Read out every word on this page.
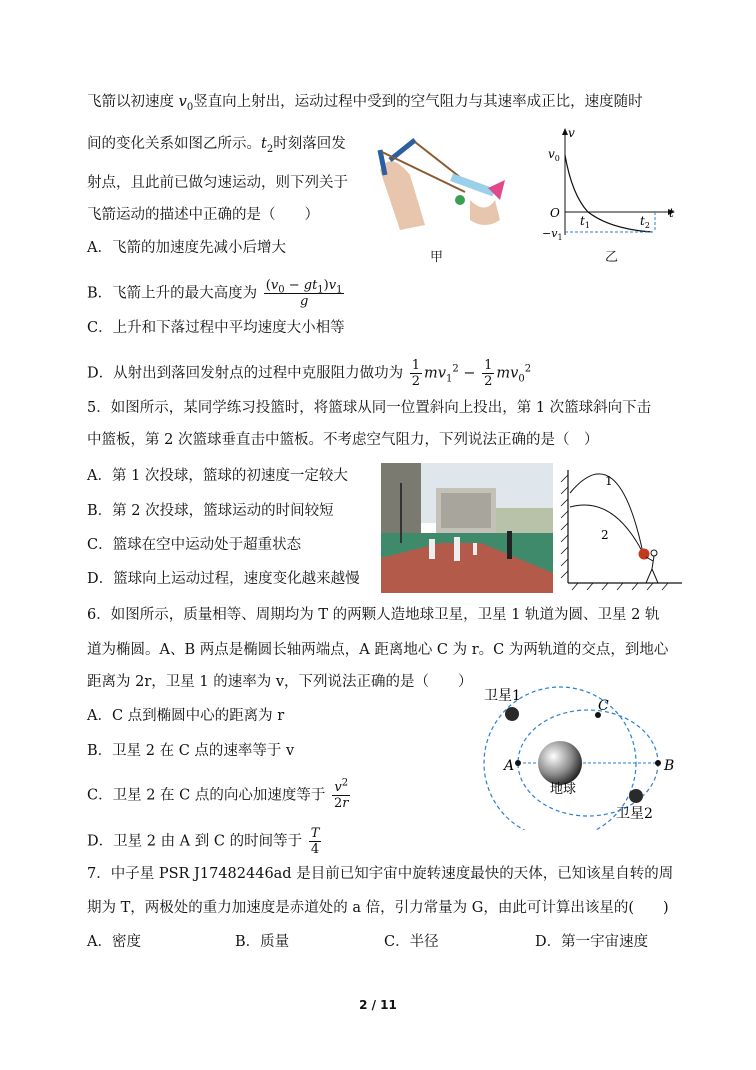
飞箭以初速度 $v_0$竖直向上射出，运动过程中受到的空气阻力与其速率成正比，速度随时
间的变化关系如图乙所示。$t_2$时刻落回发
射点，且此前已做匀速运动，则下列关于
飞箭运动的描述中正确的是（　　）
A．飞箭的加速度先减小后增大
B．飞箭上升的最大高度为 $\frac{(v_0 - gt_1)v_1}{g}$
C．上升和下落过程中平均速度大小相等
D．从射出到落回发射点的过程中克服阻力做功为 $\frac{1}{2} mv_1^2 - \frac{1}{2} mv_0^2$
甲
v
$v_0$
O	t
$t_1$	$t_2$
$-v_1$
乙
5．如图所示，某同学练习投篮时，将篮球从同一位置斜向上投出，第 1 次篮球斜向下击
中篮板，第 2 次篮球垂直击中篮板。不考虑空气阻力，下列说法正确的是（　）
A．第 1 次投球，篮球的初速度一定较大
B．第 2 次投球，篮球运动的时间较短
C．篮球在空中运动处于超重状态
D．篮球向上运动过程，速度变化越来越慢
1
2
6．如图所示，质量相等、周期均为 T 的两颗人造地球卫星，卫星 1 轨道为圆、卫星 2 轨
道为椭圆。A、B 两点是椭圆长轴两端点，A 距离地心 C 为 r。C 为两轨道的交点，到地心
距离为 2r，卫星 1 的速率为 v，下列说法正确的是（　　）
A．C 点到椭圆中心的距离为 r
B．卫星 2 在 C 点的速率等于 v
C．卫星 2 在 C 点的向心加速度等于 $\frac{v^2}{2r}$
D．卫星 2 由 A 到 C 的时间等于 $\frac{T}{4}$
卫星1
卫星2
地球
A	B
C
7．中子星 PSR J17482446ad 是目前已知宇宙中旋转速度最快的天体，已知该星自转的周
期为 T，两极处的重力加速度是赤道处的 a 倍，引力常量为 G，由此可计算出该星的(　　)
A．密度	B．质量	C．半径	D．第一宇宙速度
2 / 11
